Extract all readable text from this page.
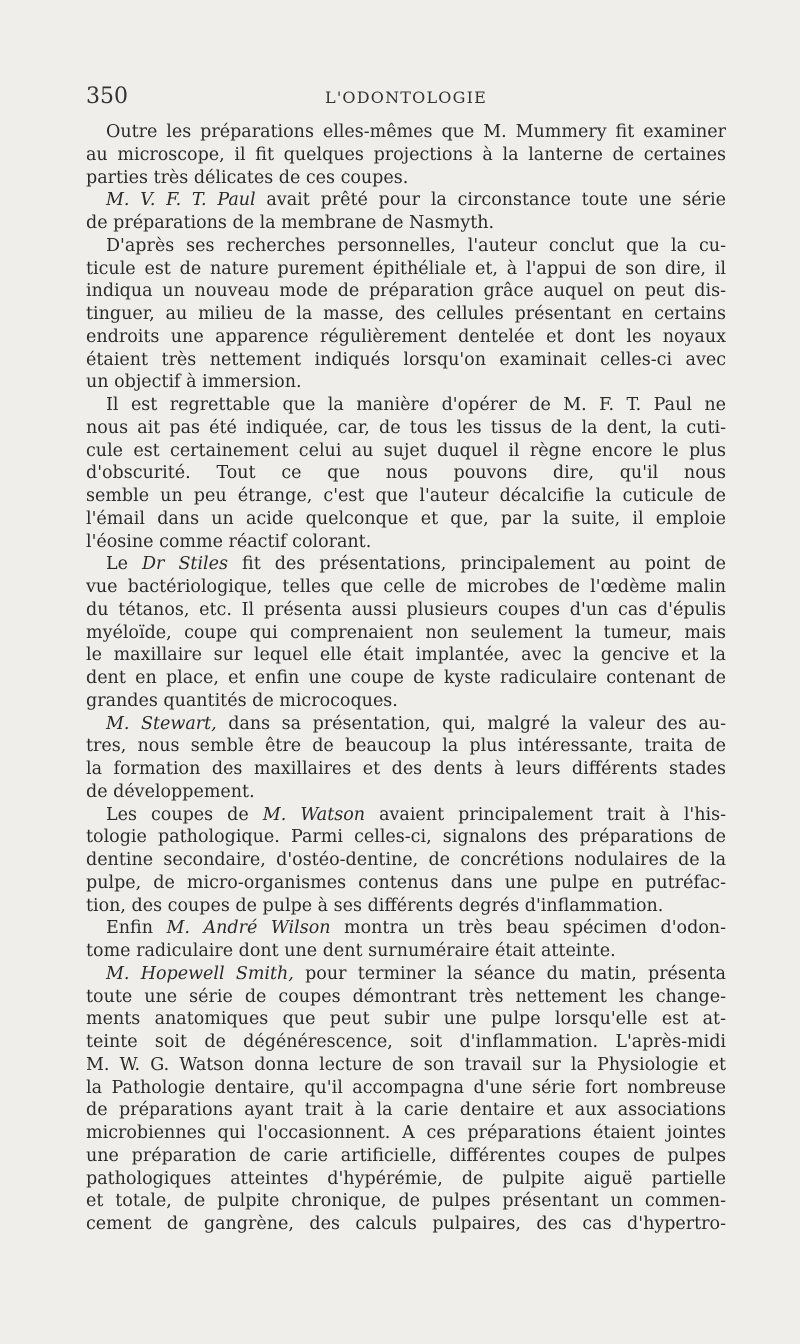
350	L'ODONTOLOGIE
Outre les préparations elles-mêmes que M. Mummery fit examiner
au microscope, il fit quelques projections à la lanterne de certaines
parties très délicates de ces coupes.
M. V. F. T. Paul avait prêté pour la circonstance toute une série
de préparations de la membrane de Nasmyth.
D'après ses recherches personnelles, l'auteur conclut que la cu-
ticule est de nature purement épithéliale et, à l'appui de son dire, il
indiqua un nouveau mode de préparation grâce auquel on peut dis-
tinguer, au milieu de la masse, des cellules présentant en certains
endroits une apparence régulièrement dentelée et dont les noyaux
étaient très nettement indiqués lorsqu'on examinait celles-ci avec
un objectif à immersion.
Il est regrettable que la manière d'opérer de M. F. T. Paul ne
nous ait pas été indiquée, car, de tous les tissus de la dent, la cuti-
cule est certainement celui au sujet duquel il règne encore le plus
d'obscurité. Tout ce que nous pouvons dire, qu'il nous
semble un peu étrange, c'est que l'auteur décalcifie la cuticule de
l'émail dans un acide quelconque et que, par la suite, il emploie
l'éosine comme réactif colorant.
Le Dr Stiles fit des présentations, principalement au point de
vue bactériologique, telles que celle de microbes de l'œdème malin
du tétanos, etc. Il présenta aussi plusieurs coupes d'un cas d'épulis
myéloïde, coupe qui comprenaient non seulement la tumeur, mais
le maxillaire sur lequel elle était implantée, avec la gencive et la
dent en place, et enfin une coupe de kyste radiculaire contenant de
grandes quantités de microcoques.
M. Stewart, dans sa présentation, qui, malgré la valeur des au-
tres, nous semble être de beaucoup la plus intéressante, traita de
la formation des maxillaires et des dents à leurs différents stades
de développement.
Les coupes de M. Watson avaient principalement trait à l'his-
tologie pathologique. Parmi celles-ci, signalons des préparations de
dentine secondaire, d'ostéo-dentine, de concrétions nodulaires de la
pulpe, de micro-organismes contenus dans une pulpe en putréfac-
tion, des coupes de pulpe à ses différents degrés d'inflammation.
Enfin M. André Wilson montra un très beau spécimen d'odon-
tome radiculaire dont une dent surnuméraire était atteinte.
M. Hopewell Smith, pour terminer la séance du matin, présenta
toute une série de coupes démontrant très nettement les change-
ments anatomiques que peut subir une pulpe lorsqu'elle est at-
teinte soit de dégénérescence, soit d'inflammation. L'après-midi
M. W. G. Watson donna lecture de son travail sur la Physiologie et
la Pathologie dentaire, qu'il accompagna d'une série fort nombreuse
de préparations ayant trait à la carie dentaire et aux associations
microbiennes qui l'occasionnent. A ces préparations étaient jointes
une préparation de carie artificielle, différentes coupes de pulpes
pathologiques atteintes d'hypérémie, de pulpite aiguë partielle
et totale, de pulpite chronique, de pulpes présentant un commen-
cement de gangrène, des calculs pulpaires, des cas d'hypertro-
